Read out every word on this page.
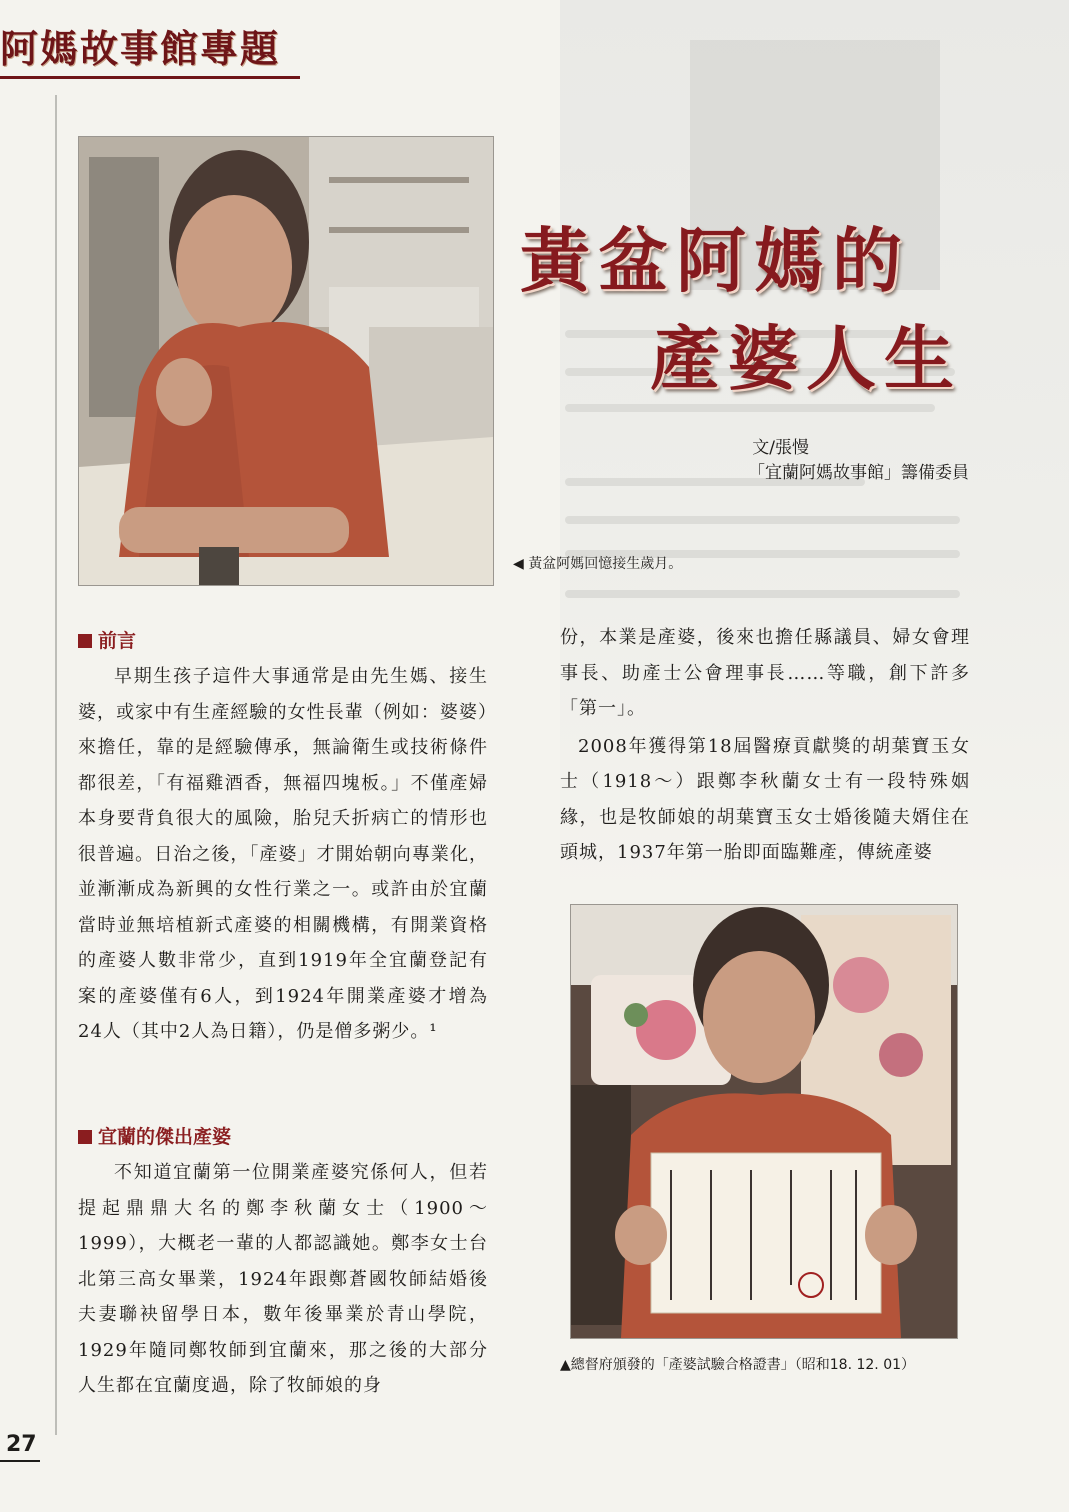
阿媽故事館專題
黃盆阿媽的
產婆人生
文/張慢
「宜蘭阿媽故事館」籌備委員
◀ 黃盆阿媽回憶接生歲月。
前言

早期生孩子這件大事通常是由先生媽、接生婆，或家中有生產經驗的女性長輩（例如：婆婆）來擔任，靠的是經驗傳承，無論衛生或技術條件都很差，「有福雞酒香，無福四塊板。」不僅產婦本身要背負很大的風險，胎兒夭折病亡的情形也很普遍。日治之後，「產婆」才開始朝向專業化，並漸漸成為新興的女性行業之一。或許由於宜蘭當時並無培植新式產婆的相關機構，有開業資格的產婆人數非常少，直到1919年全宜蘭登記有案的產婆僅有6人，到1924年開業產婆才增為24人（其中2人為日籍），仍是僧多粥少。¹

宜蘭的傑出產婆

不知道宜蘭第一位開業產婆究係何人，但若提起鼎鼎大名的鄭李秋蘭女士（1900～1999），大概老一輩的人都認識她。鄭李女士台北第三高女畢業，1924年跟鄭蒼國牧師結婚後夫妻聯袂留學日本，數年後畢業於青山學院，1929年隨同鄭牧師到宜蘭來，那之後的大部分人生都在宜蘭度過，除了牧師娘的身

份，本業是產婆，後來也擔任縣議員、婦女會理事長、助產士公會理事長……等職，創下許多「第一」。

2008年獲得第18屆醫療貢獻獎的胡葉寶玉女士（1918～）跟鄭李秋蘭女士有一段特殊姻緣，也是牧師娘的胡葉寶玉女士婚後隨夫婿住在頭城，1937年第一胎即面臨難產，傳統產婆

▲總督府頒發的「產婆試驗合格證書」（昭和18. 12. 01）
27
